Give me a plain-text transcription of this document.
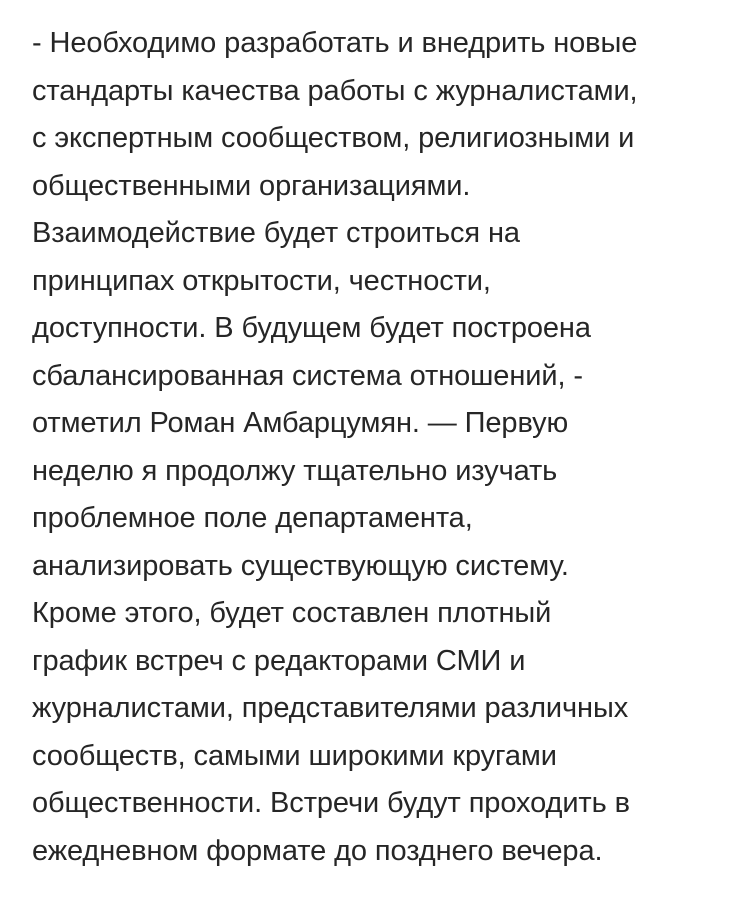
- Необходимо разработать и внедрить новые
стандарты качества работы с журналистами,
с экспертным сообществом, религиозными и
общественными организациями.
Взаимодействие будет строиться на
принципах открытости, честности,
доступности. В будущем будет построена
сбалансированная система отношений, -
отметил Роман Амбарцумян. — Первую
неделю я продолжу тщательно изучать
проблемное поле департамента,
анализировать существующую систему.
Кроме этого, будет составлен плотный
график встреч с редакторами СМИ и
журналистами, представителями различных
сообществ, самыми широкими кругами
общественности. Встречи будут проходить в
ежедневном формате до позднего вечера.
